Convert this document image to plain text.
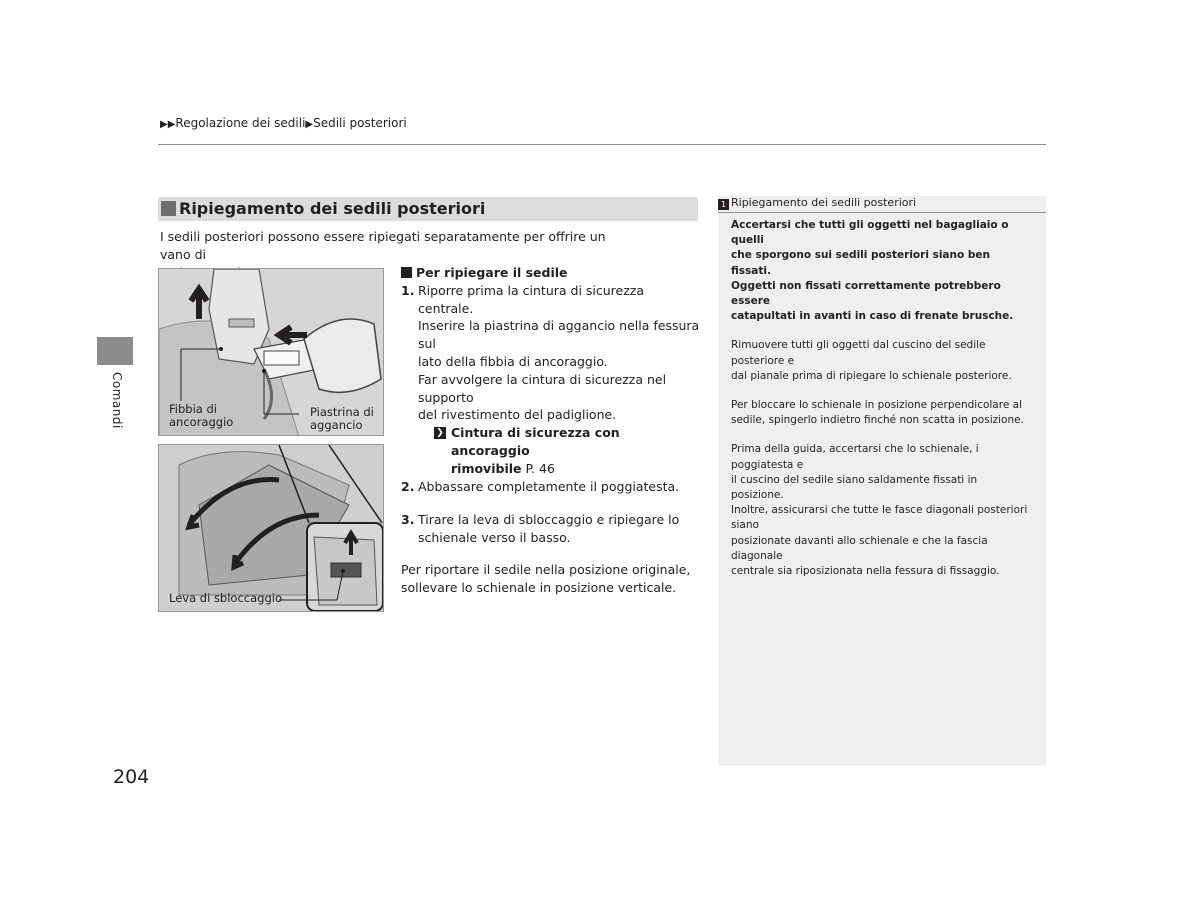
▶▶Regolazione dei sedili▶Sedili posteriori
Comandi
Ripiegamento dei sedili posteriori
I sedili posteriori possono essere ripiegati separatamente per offrire un vano di
Fibbia di
ancoraggio
Piastrina di
aggancio
Leva di sbloccaggio
Per ripiegare il sedile
1. Riporre prima la cintura di sicurezza centrale.
Inserire la piastrina di aggancio nella fessura sul
lato della fibbia di ancoraggio.
Far avvolgere la cintura di sicurezza nel supporto
del rivestimento del padiglione.
❯ Cintura di sicurezza con ancoraggio
rimovibile P. 46
2. Abbassare completamente il poggiatesta.
3. Tirare la leva di sbloccaggio e ripiegare lo
schienale verso il basso.
Per riportare il sedile nella posizione originale,
sollevare lo schienale in posizione verticale.
1 Ripiegamento dei sedili posteriori

Accertarsi che tutti gli oggetti nel bagagliaio o quelli
che sporgono sui sedili posteriori siano ben fissati.
Oggetti non fissati correttamente potrebbero essere
catapultati in avanti in caso di frenate brusche.

Rimuovere tutti gli oggetti dal cuscino del sedile posteriore e
dal pianale prima di ripiegare lo schienale posteriore.

Per bloccare lo schienale in posizione perpendicolare al
sedile, spingerlo indietro finché non scatta in posizione.

Prima della guida, accertarsi che lo schienale, i poggiatesta e
il cuscino del sedile siano saldamente fissati in posizione.
Inoltre, assicurarsi che tutte le fasce diagonali posteriori siano
posizionate davanti allo schienale e che la fascia diagonale
centrale sia riposizionata nella fessura di fissaggio.

204
